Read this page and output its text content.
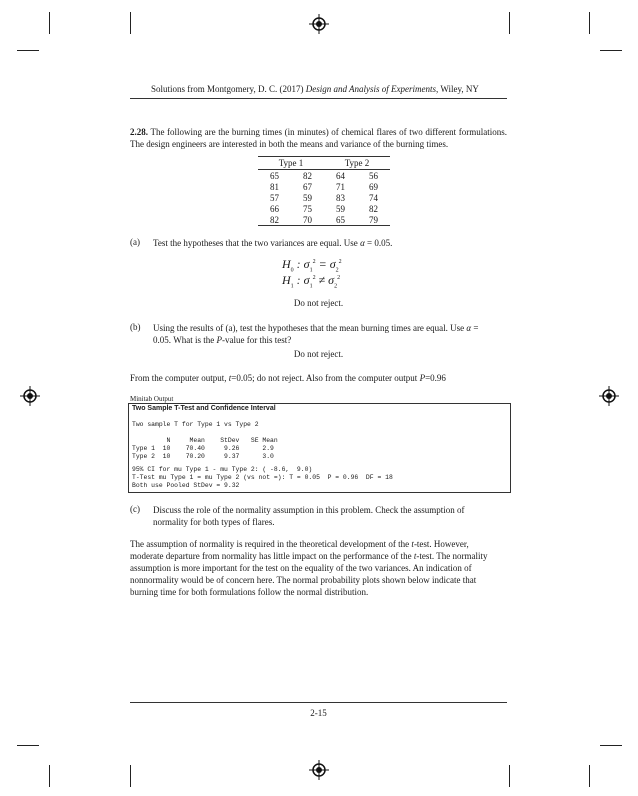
Solutions from Montgomery, D. C. (2017) Design and Analysis of Experiments, Wiley, NY
2.28. The following are the burning times (in minutes) of chemical flares of two different formulations. The design engineers are interested in both the means and variance of the burning times.
Type 1		Type 2	
65	82	64	56
81	67	71	69
57	59	83	74
66	75	59	82
82	70	65	79
(a) Test the hypotheses that the two variances are equal. Use α = 0.05.
$H_0$ : $\sigma_1^2 = \sigma_2^2$
$H_1$ : $\sigma_1^2 \ne \sigma_2^2$
Do not reject.
(b) Using the results of (a), test the hypotheses that the mean burning times are equal. Use α =
0.05. What is the P-value for this test?
Do not reject.
From the computer output, t=0.05; do not reject. Also from the computer output P=0.96
Minitab Output
Two Sample T-Test and Confidence Interval
Two sample T for Type 1 vs Type 2
N     Mean    StDev   SE Mean
Type 1  10    70.40     9.26      2.9
Type 2  10    70.20     9.37      3.0
95% CI for mu Type 1 - mu Type 2: ( -8.6,  9.0)
T-Test mu Type 1 = mu Type 2 (vs not =): T = 0.05  P = 0.96  DF = 18
Both use Pooled StDev = 9.32
(c) Discuss the role of the normality assumption in this problem. Check the assumption of
normality for both types of flares.
The assumption of normality is required in the theoretical development of the t-test. However,
moderate departure from normality has little impact on the performance of the t-test. The normality
assumption is more important for the test on the equality of the two variances. An indication of
nonnormality would be of concern here. The normal probability plots shown below indicate that
burning time for both formulations follow the normal distribution.
2-15
